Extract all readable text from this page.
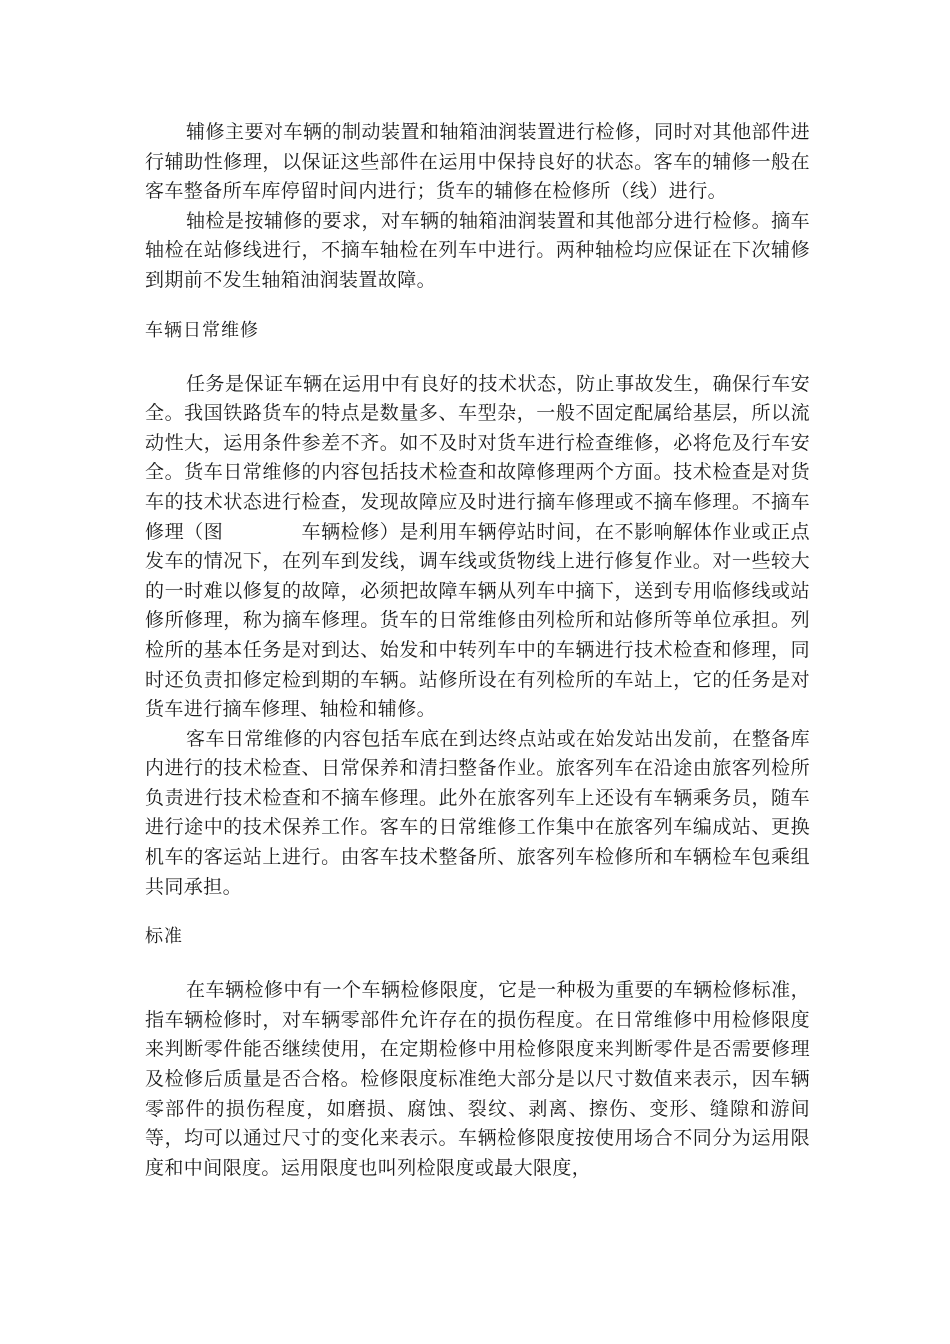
辅修主要对车辆的制动装置和轴箱油润装置进行检修，同时对其他部件进行辅助性修理，以保证这些部件在运用中保持良好的状态。客车的辅修一般在客车整备所车库停留时间内进行；货车的辅修在检修所（线）进行。

轴检是按辅修的要求，对车辆的轴箱油润装置和其他部分进行检修。摘车轴检在站修线进行，不摘车轴检在列车中进行。两种轴检均应保证在下次辅修到期前不发生轴箱油润装置故障。

车辆日常维修

任务是保证车辆在运用中有良好的技术状态，防止事故发生，确保行车安全。我国铁路货车的特点是数量多、车型杂，一般不固定配属给基层，所以流动性大，运用条件参差不齐。如不及时对货车进行检查维修，必将危及行车安全。货车日常维修的内容包括技术检查和故障修理两个方面。技术检查是对货车的技术状态进行检查，发现故障应及时进行摘车修理或不摘车修理。不摘车修理（图　　　　车辆检修）是利用车辆停站时间，在不影响解体作业或正点发车的情况下，在列车到发线，调车线或货物线上进行修复作业。对一些较大的一时难以修复的故障，必须把故障车辆从列车中摘下，送到专用临修线或站修所修理，称为摘车修理。货车的日常维修由列检所和站修所等单位承担。列检所的基本任务是对到达、始发和中转列车中的车辆进行技术检查和修理，同时还负责扣修定检到期的车辆。站修所设在有列检所的车站上，它的任务是对货车进行摘车修理、轴检和辅修。

客车日常维修的内容包括车底在到达终点站或在始发站出发前，在整备库内进行的技术检查、日常保养和清扫整备作业。旅客列车在沿途由旅客列检所负责进行技术检查和不摘车修理。此外在旅客列车上还设有车辆乘务员，随车进行途中的技术保养工作。客车的日常维修工作集中在旅客列车编成站、更换机车的客运站上进行。由客车技术整备所、旅客列车检修所和车辆检车包乘组共同承担。

标准

在车辆检修中有一个车辆检修限度，它是一种极为重要的车辆检修标准，指车辆检修时，对车辆零部件允许存在的损伤程度。在日常维修中用检修限度来判断零件能否继续使用，在定期检修中用检修限度来判断零件是否需要修理及检修后质量是否合格。检修限度标准绝大部分是以尺寸数值来表示，因车辆零部件的损伤程度，如磨损、腐蚀、裂纹、剥离、擦伤、变形、缝隙和游间等，均可以通过尺寸的变化来表示。车辆检修限度按使用场合不同分为运用限度和中间限度。运用限度也叫列检限度或最大限度，
